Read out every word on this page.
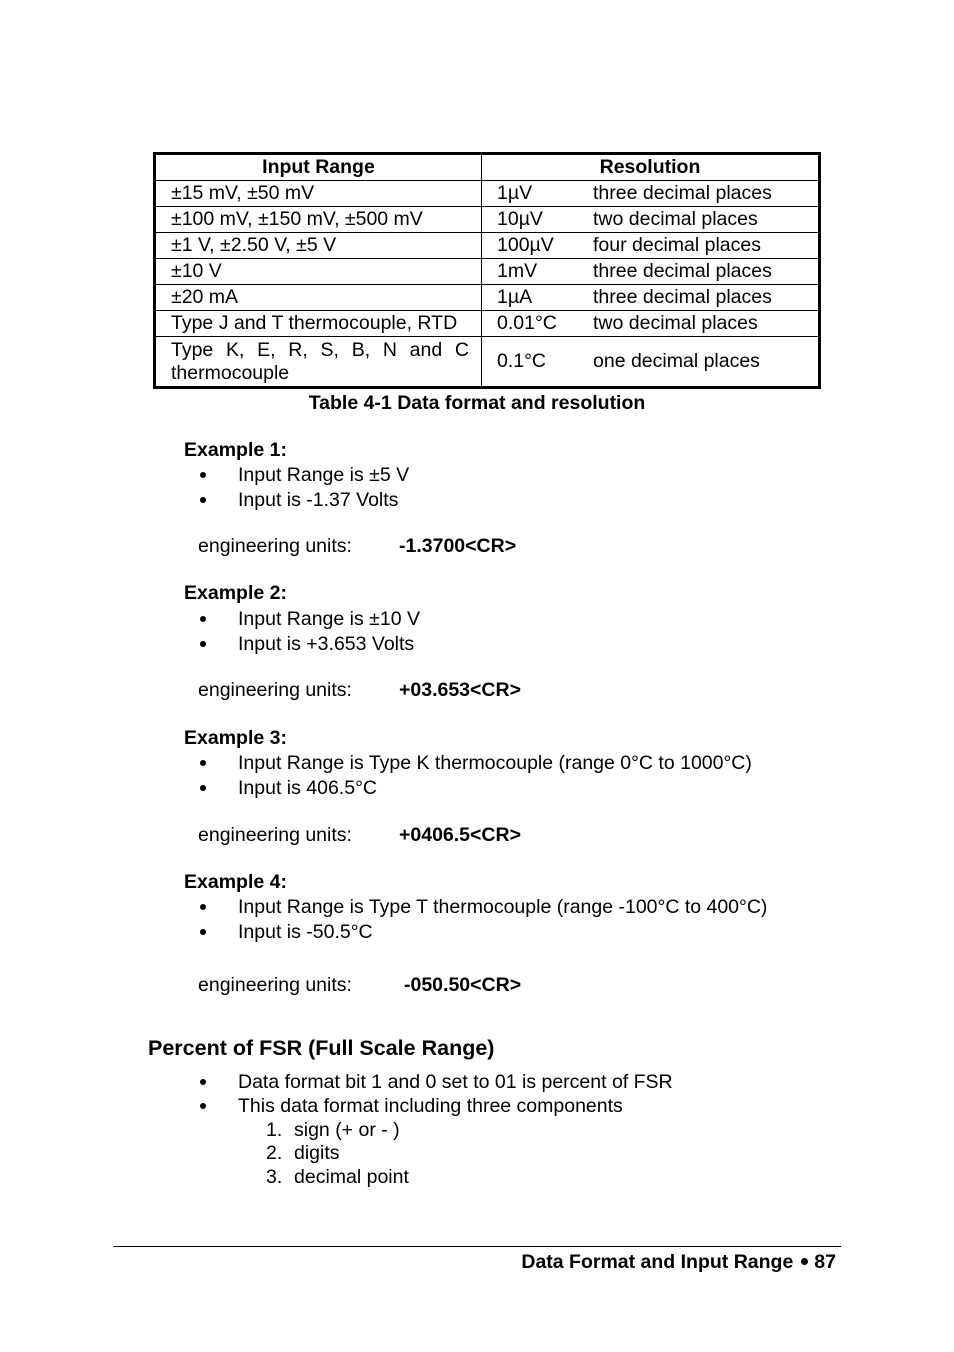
Input Range	Resolution
±15 mV, ±50 mV	1µV three decimal places
±100 mV, ±150 mV, ±500 mV	10µV two decimal places
±1 V, ±2.50 V, ±5 V	100µV four decimal places
±10 V	1mV three decimal places
±20 mA	1µA three decimal places
Type J and T thermocouple, RTD	0.01°C two decimal places

Type K, E, R, S, B, N and C thermocouple	0.1°C one decimal places
Table 4-1 Data format and resolution
Example 1:
Input Range is ±5 V
Input is -1.37 Volts
engineering units: -1.3700<CR>
Example 2:
Input Range is ±10 V
Input is +3.653 Volts
engineering units: +03.653<CR>
Example 3:
Input Range is Type K thermocouple (range 0°C to 1000°C)
Input is 406.5°C
engineering units: +0406.5<CR>
Example 4:
Input Range is Type T thermocouple (range -100°C to 400°C)
Input is -50.5°C
engineering units:	-050.50<CR>
Percent of FSR (Full Scale Range)
Data format bit 1 and 0 set to 01 is percent of FSR
This data format including three components
1. sign (+ or - )
2. digits
3. decimal point
Data Format and Input Range 87
